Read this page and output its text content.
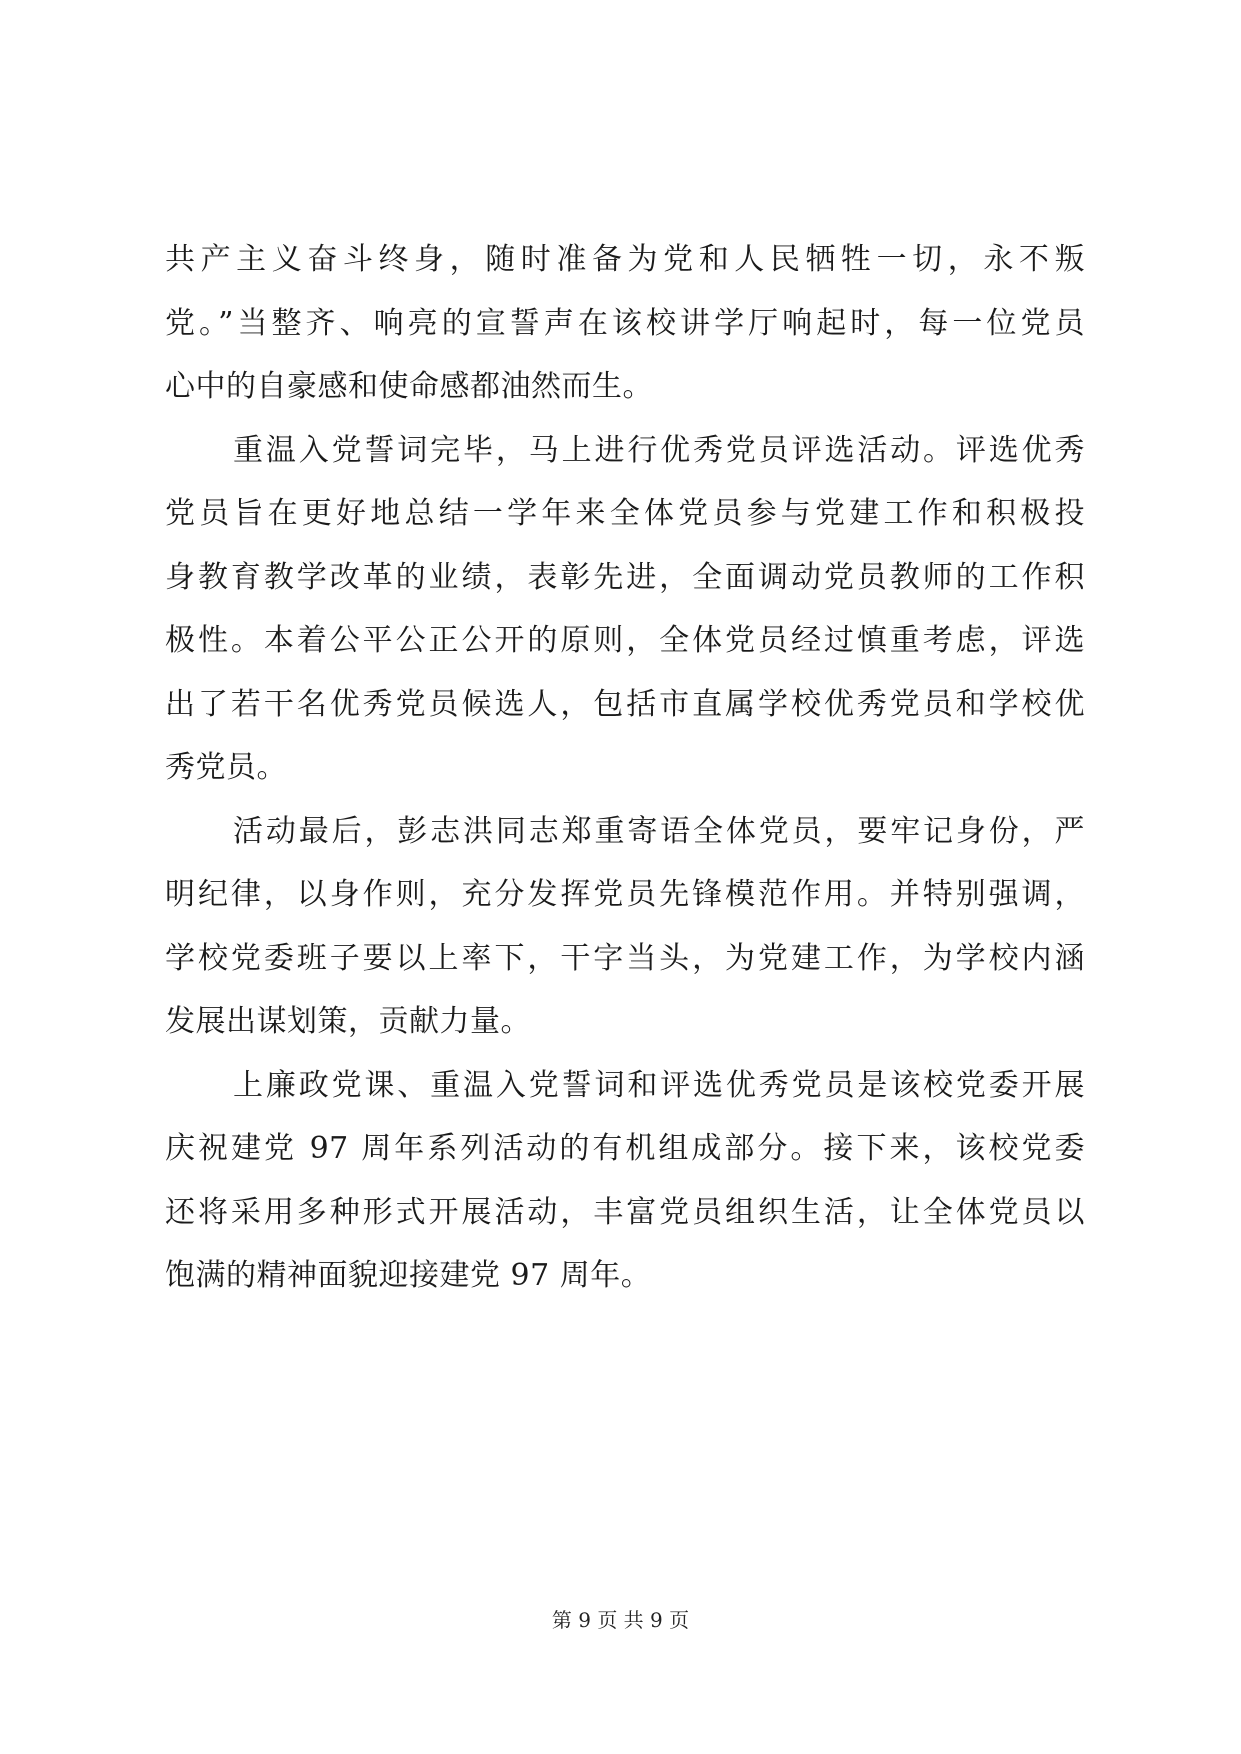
共产主义奋斗终身，随时准备为党和人民牺牲一切，永不叛
党。”当整齐、响亮的宣誓声在该校讲学厅响起时，每一位党员
心中的自豪感和使命感都油然而生。
重温入党誓词完毕，马上进行优秀党员评选活动。评选优秀
党员旨在更好地总结一学年来全体党员参与党建工作和积极投
身教育教学改革的业绩，表彰先进，全面调动党员教师的工作积
极性。本着公平公正公开的原则，全体党员经过慎重考虑，评选
出了若干名优秀党员候选人，包括市直属学校优秀党员和学校优
秀党员。
活动最后，彭志洪同志郑重寄语全体党员，要牢记身份，严
明纪律，以身作则，充分发挥党员先锋模范作用。并特别强调，
学校党委班子要以上率下，干字当头，为党建工作，为学校内涵
发展出谋划策，贡献力量。
上廉政党课、重温入党誓词和评选优秀党员是该校党委开展
庆祝建党 97 周年系列活动的有机组成部分。接下来，该校党委
还将采用多种形式开展活动，丰富党员组织生活，让全体党员以
饱满的精神面貌迎接建党 97 周年。
第 9 页 共 9 页
